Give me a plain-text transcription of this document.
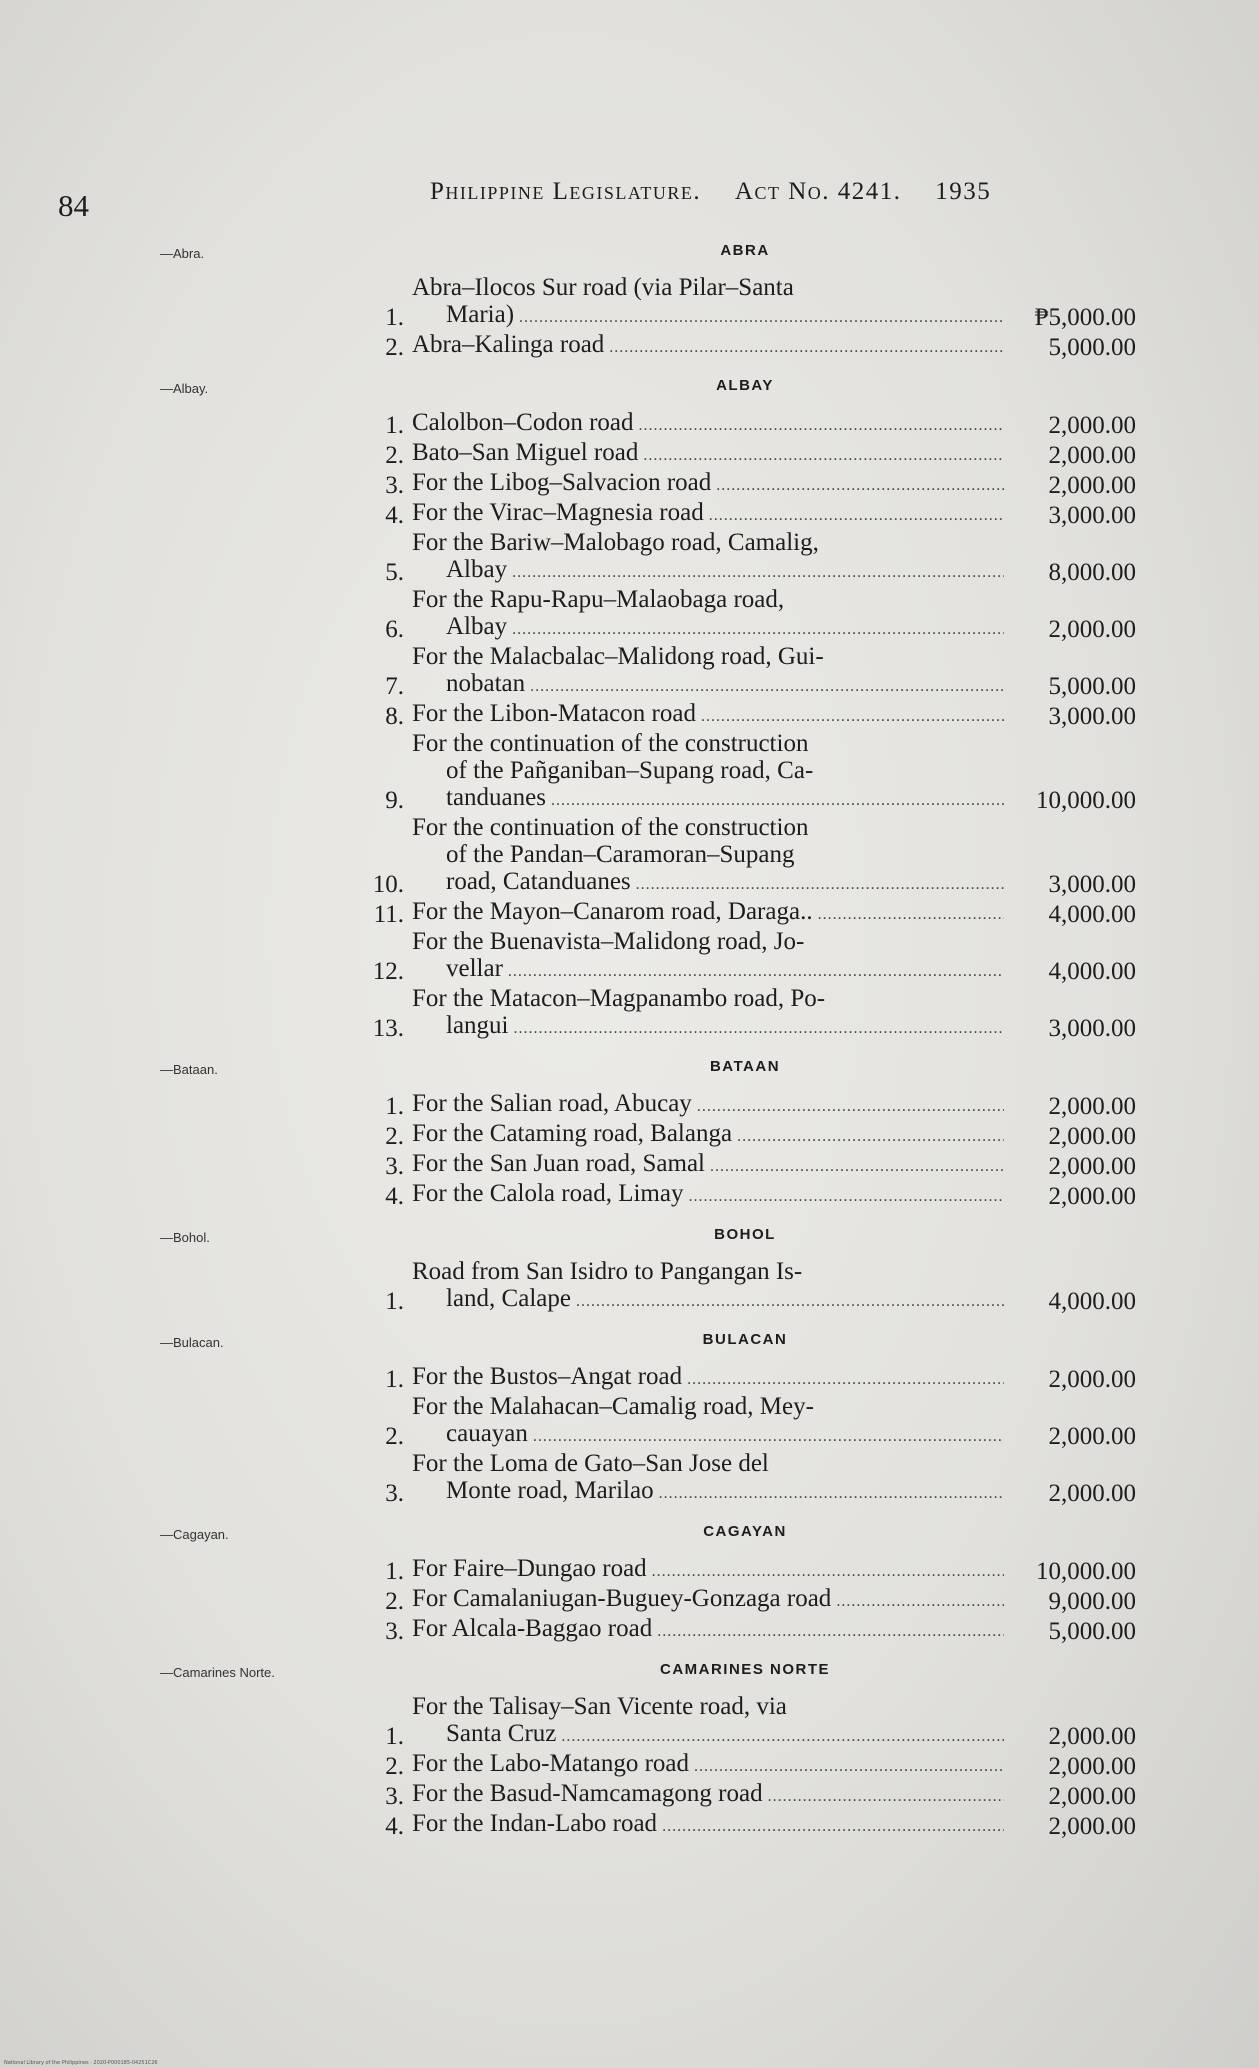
84	Philippine Legislature. Act No. 4241. 1935
—Abra.	ABRA
1.
Abra–Ilocos Sur road (via Pilar–Santa
Maria) .....	₱5,000.00
2. Abra–Kalinga road .....	5,000.00
—Albay.	ALBAY
1. Calolbon–Codon road .....	2,000.00
2. Bato–San Miguel road .....	2,000.00
3. For the Libog–Salvacion road .....	2,000.00
4. For the Virac–Magnesia road .....	3,000.00
5.
For the Bariw–Malobago road, Camalig,
Albay .....	8,000.00
6.
For the Rapu-Rapu–Malaobaga road,
Albay .....	2,000.00
7.
For the Malacbalac–Malidong road, Gui-
nobatan .....	5,000.00
8. For the Libon-Matacon road .....	3,000.00
9.
For the continuation of the construction
of the Pañganiban–Supang road, Ca-
tanduanes .....	10,000.00
10.
For the continuation of the construction
of the Pandan–Caramoran–Supang
road, Catanduanes .....	3,000.00
11. For the Mayon–Canarom road, Daraga.. .....	4,000.00
12.
For the Buenavista–Malidong road, Jo-
vellar .....	4,000.00
13.
For the Matacon–Magpanambo road, Po-
langui .....	3,000.00
—Bataan.	BATAAN
1. For the Salian road, Abucay .....	2,000.00
2. For the Cataming road, Balanga .....	2,000.00
3. For the San Juan road, Samal .....	2,000.00
4. For the Calola road, Limay .....	2,000.00
—Bohol.	BOHOL
1.
Road from San Isidro to Pangangan Is-
land, Calape .....	4,000.00
—Bulacan.	BULACAN
1. For the Bustos–Angat road .....	2,000.00
2.
For the Malahacan–Camalig road, Mey-
cauayan .....	2,000.00
3.
For the Loma de Gato–San Jose del
Monte road, Marilao .....	2,000.00
—Cagayan.	CAGAYAN
1. For Faire–Dungao road .....	10,000.00
2. For Camalaniugan-Buguey-Gonzaga road .....	9,000.00
3. For Alcala-Baggao road .....	5,000.00
—Camarines Norte.	CAMARINES NORTE
1.
For the Talisay–San Vicente road, via
Santa Cruz .....	2,000.00
2. For the Labo-Matango road .....	2,000.00
3. For the Basud-Namcamagong road .....	2,000.00
4. For the Indan-Labo road .....	2,000.00
National Library of the Philippines · 2020-P000185-04251C26
